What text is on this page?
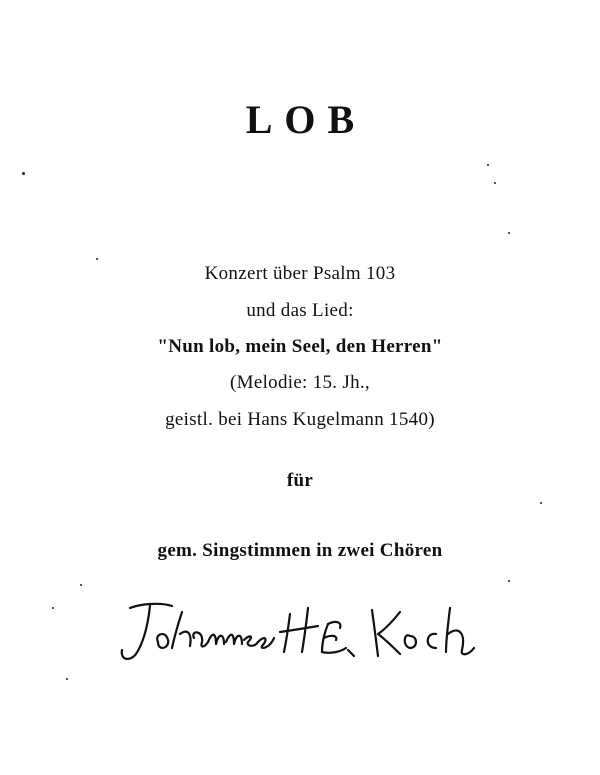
LOB
Konzert über Psalm 103
und das Lied:
"Nun lob, mein Seel, den Herren"
(Melodie: 15. Jh.,
geistl. bei Hans Kugelmann 1540)
für
gem. Singstimmen in zwei Chören
